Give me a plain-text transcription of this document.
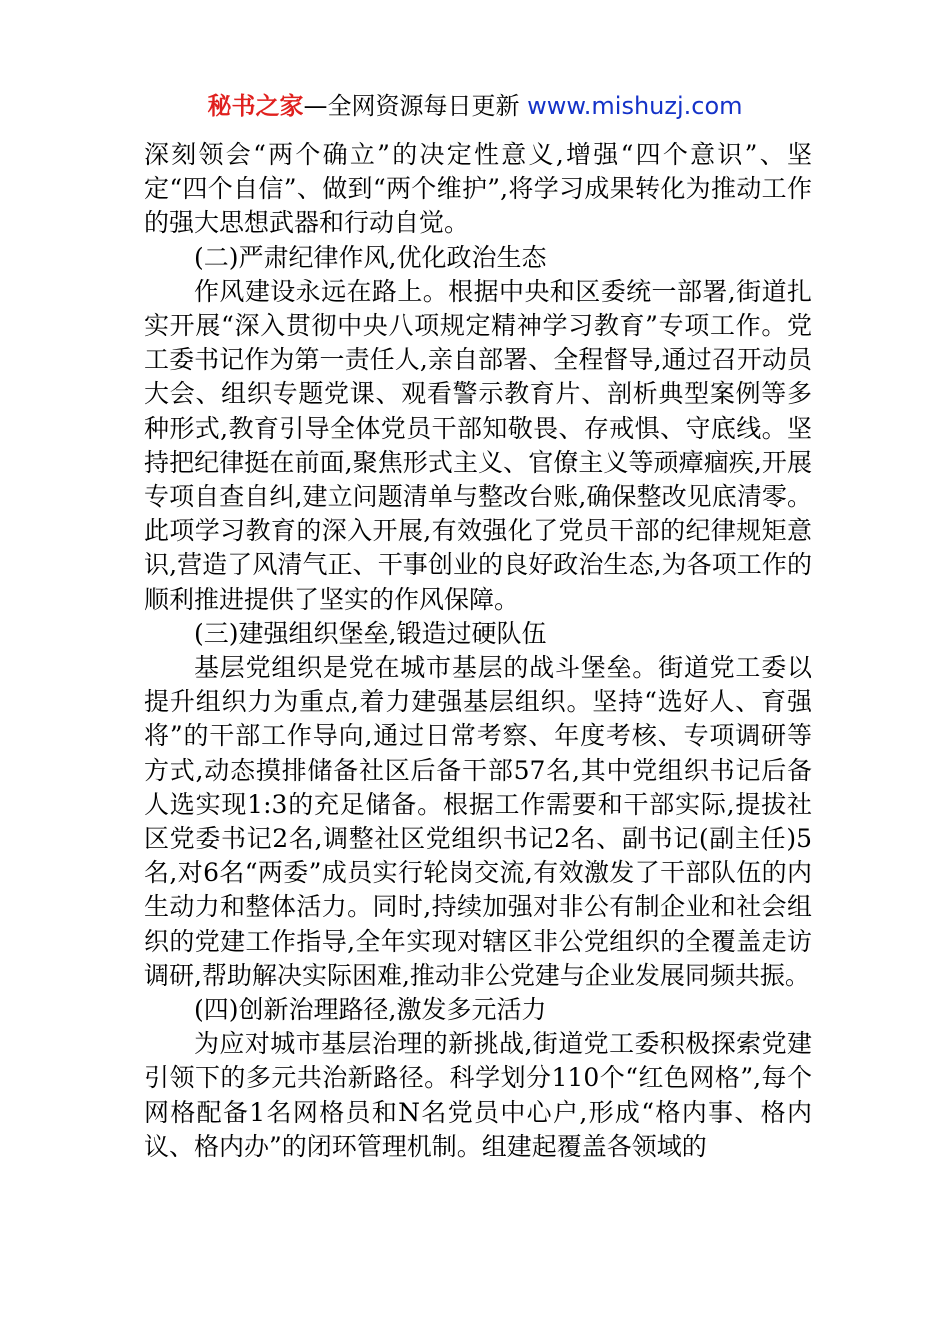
秘书之家—全网资源每日更新 www.mishuzj.com

深刻领会“两个确立”的决定性意义,增强“四个意识”、坚定“四个自信”、做到“两个维护”,将学习成果转化为推动工作的强大思想武器和行动自觉。

(二)严肃纪律作风,优化政治生态

作风建设永远在路上。根据中央和区委统一部署,街道扎实开展“深入贯彻中央八项规定精神学习教育”专项工作。党工委书记作为第一责任人,亲自部署、全程督导,通过召开动员大会、组织专题党课、观看警示教育片、剖析典型案例等多种形式,教育引导全体党员干部知敬畏、存戒惧、守底线。坚持把纪律挺在前面,聚焦形式主义、官僚主义等顽瘴痼疾,开展专项自查自纠,建立问题清单与整改台账,确保整改见底清零。此项学习教育的深入开展,有效强化了党员干部的纪律规矩意识,营造了风清气正、干事创业的良好政治生态,为各项工作的顺利推进提供了坚实的作风保障。

(三)建强组织堡垒,锻造过硬队伍

基层党组织是党在城市基层的战斗堡垒。街道党工委以提升组织力为重点,着力建强基层组织。坚持“选好人、育强将”的干部工作导向,通过日常考察、年度考核、专项调研等方式,动态摸排储备社区后备干部57名,其中党组织书记后备人选实现1:3的充足储备。根据工作需要和干部实际,提拔社区党委书记2名,调整社区党组织书记2名、副书记(副主任)5名,对6名“两委”成员实行轮岗交流,有效激发了干部队伍的内生动力和整体活力。同时,持续加强对非公有制企业和社会组织的党建工作指导,全年实现对辖区非公党组织的全覆盖走访调研,帮助解决实际困难,推动非公党建与企业发展同频共振。

(四)创新治理路径,激发多元活力

为应对城市基层治理的新挑战,街道党工委积极探索党建引领下的多元共治新路径。科学划分110个“红色网格”,每个网格配备1名网格员和N名党员中心户,形成“格内事、格内议、格内办”的闭环管理机制。组建起覆盖各领域的
